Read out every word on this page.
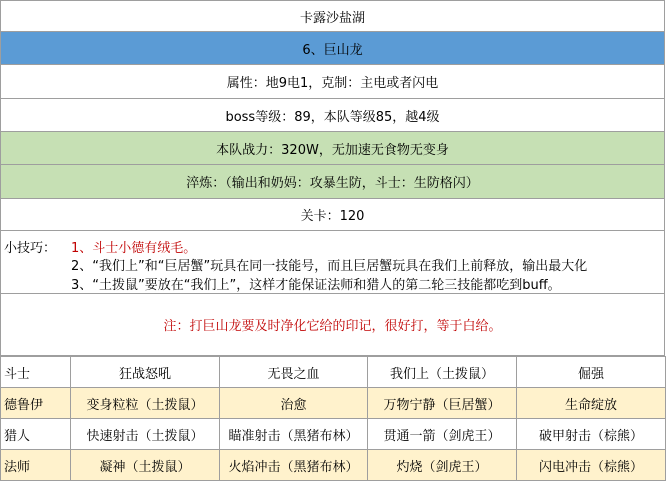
卡露沙盐湖
6、巨山龙
属性：地9电1，克制：主电或者闪电
boss等级：89，本队等级85，越4级
本队战力：320W，无加速无食物无变身
淬炼：（输出和奶妈：攻暴生防，斗士：生防格闪）
关卡：120
小技巧： 1、斗士小德有绒毛。
2、“我们上”和“巨居蟹”玩具在同一技能号，而且巨居蟹玩具在我们上前释放，输出最大化
3、“土拨鼠”要放在“我们上”，这样才能保证法师和猎人的第二轮三技能都吃到buff。
注：打巨山龙要及时净化它给的印记，很好打，等于白给。
斗士	狂战怒吼	无畏之血	我们上（土拨鼠）	倔强
德鲁伊	变身粒粒（土拨鼠）	治愈	万物宁静（巨居蟹）	生命绽放
猎人	快速射击（土拨鼠）	瞄准射击（黑猪布林）	贯通一箭（剑虎王）	破甲射击（棕熊）
法师	凝神（土拨鼠）	火焰冲击（黑猪布林）	灼烧（剑虎王）	闪电冲击（棕熊）
